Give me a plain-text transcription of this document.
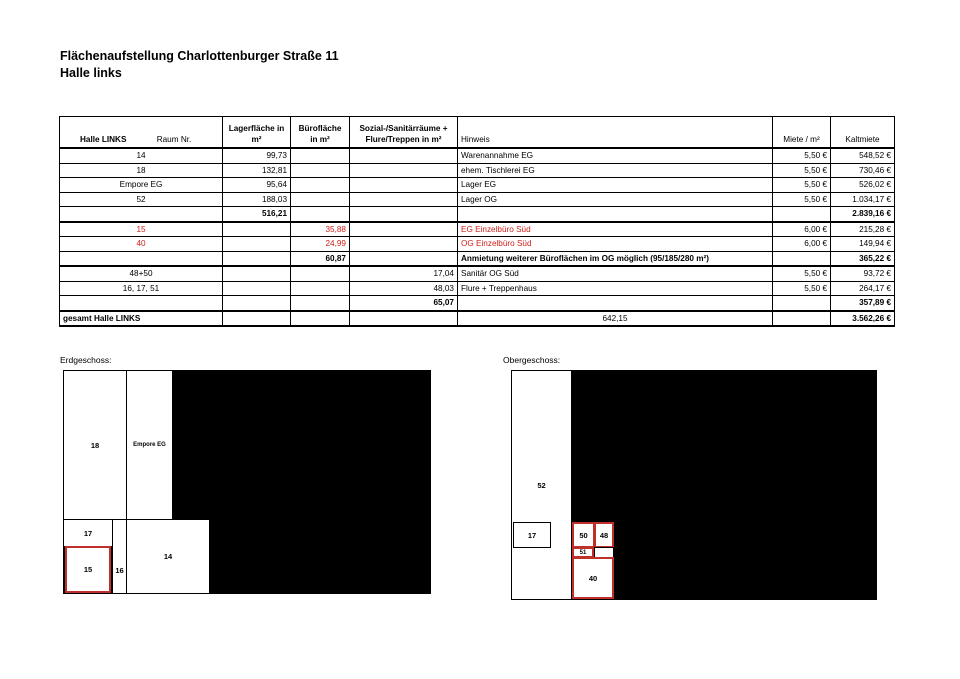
Flächenaufstellung Charlottenburger Straße 11
Halle links
Halle LINKS Raum Nr.	Lagerfläche in m²	Bürofläche in m²	Sozial-/Sanitärräume + Flure/Treppen in m²	Hinweis	Miete / m²	Kaltmiete
14	99,73			Warenannahme EG	5,50 €	548,52 €
18	132,81			ehem. Tischlerei EG	5,50 €	730,46 €
Empore EG	95,64			Lager EG	5,50 €	526,02 €
52	188,03			Lager OG	5,50 €	1.034,17 €
	516,21					2.839,16 €
15		35,88		EG Einzelbüro Süd	6,00 €	215,28 €
40		24,99		OG Einzelbüro Süd	6,00 €	149,94 €
		60,87		Anmietung weiterer Büroflächen im OG möglich (95/185/280 m²)		365,22 €
48+50			17,04	Sanitär OG Süd	5,50 €	93,72 €
16, 17, 51			48,03	Flure + Treppenhaus	5,50 €	264,17 €
			65,07			357,89 €
gesamt Halle LINKS				642,15		3.562,26 €
Erdgeschoss:
18	Empore EG
17
16
15
14
Obergeschoss:
52
17	50	48
51
40
